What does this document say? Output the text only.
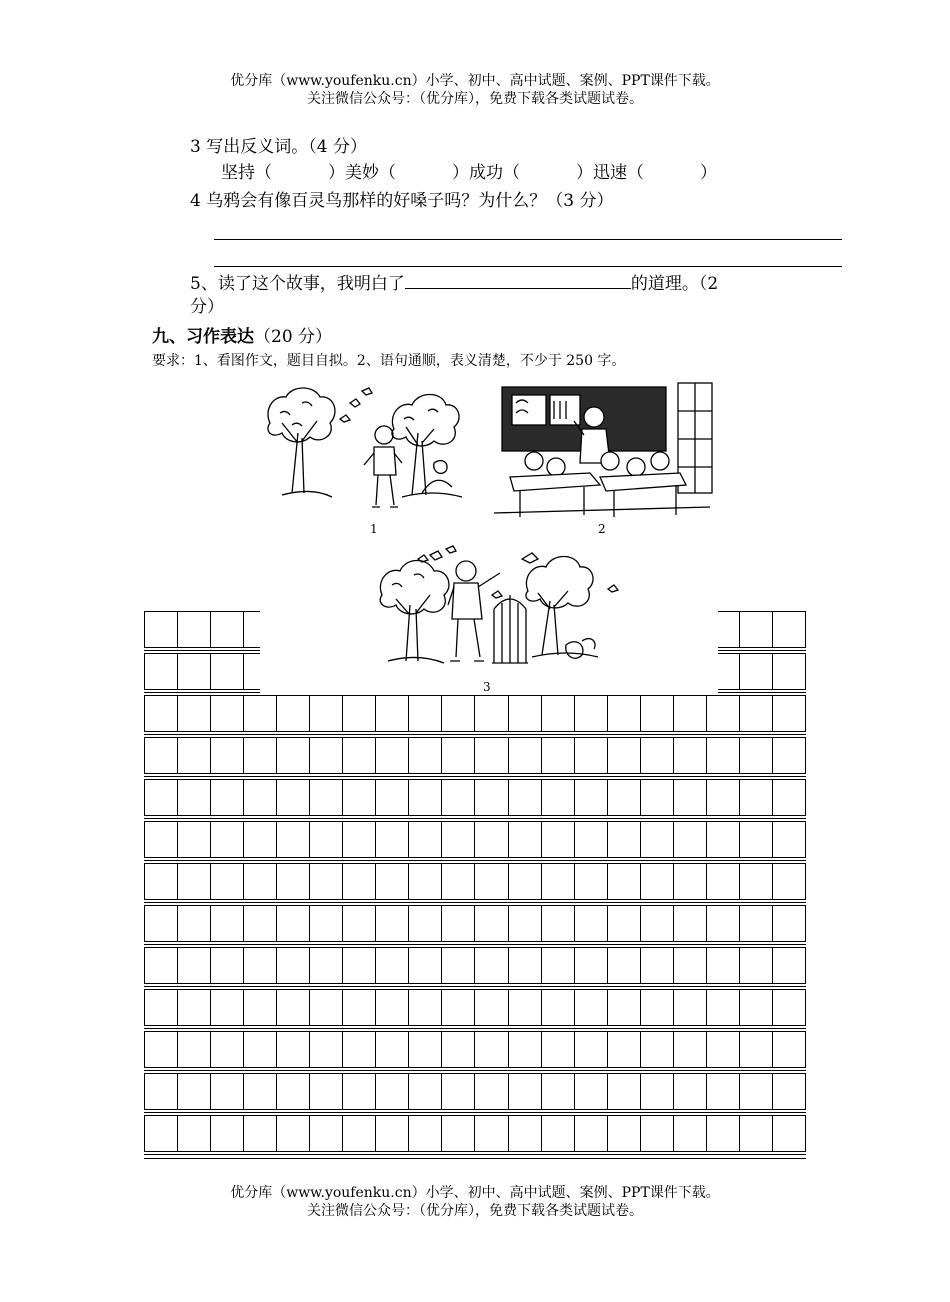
优分库（www.youfenku.cn）小学、初中、高中试题、案例、PPT课件下载。
关注微信公众号：（优分库），免费下载各类试题试卷。
3 写出反义词。（4 分）
坚持（	）美妙（	）成功（	）迅速（	）
4 乌鸦会有像百灵鸟那样的好嗓子吗？为什么？（3 分）
5、读了这个故事，我明白了	的道理。（2
分）
九、习作表达（20 分）
要求：1、看图作文，题目自拟。2、语句通顺，表义清楚，不少于 250 字。
1	2
3
优分库（www.youfenku.cn）小学、初中、高中试题、案例、PPT课件下载。
关注微信公众号：（优分库），免费下载各类试题试卷。
